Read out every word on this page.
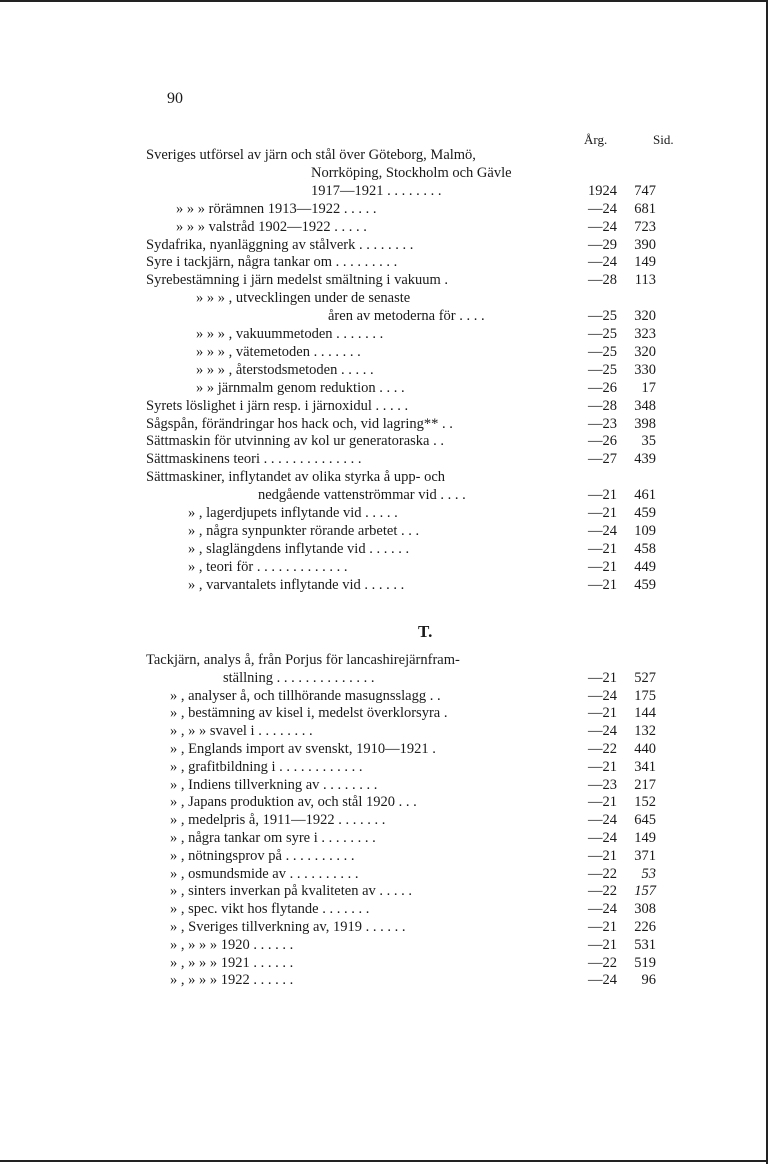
90
Årg.	Sid.
Sveriges utförsel av järn och stål över Göteborg, Malmö,
Norrköping, Stockholm och Gävle
1917—1921 . . . . . . . .	1924	747
» » » rörämnen 1913—1922 . . . . .	—24	681
» » » valstråd 1902—1922 . . . . .	—24	723
Sydafrika, nyanläggning av stålverk . . . . . . . .	—29	390
Syre i tackjärn, några tankar om . . . . . . . . .	—24	149
Syrebestämning i järn medelst smältning i vakuum .	—28	113
» » » , utvecklingen under de senaste
åren av metoderna för . . . .	—25	320
» » » , vakuummetoden . . . . . . .	—25	323
» » » , vätemetoden . . . . . . .	—25	320
» » » , återstodsmetoden . . . . .	—25	330
» » järnmalm genom reduktion . . . .	—26	17
Syrets löslighet i järn resp. i järnoxidul . . . . .	—28	348
Sågspån, förändringar hos hack och, vid lagring** . .	—23	398
Sättmaskin för utvinning av kol ur generatoraska . .	—26	35
Sättmaskinens teori . . . . . . . . . . . . . .	—27	439
Sättmaskiner, inflytandet av olika styrka å upp- och
nedgående vattenströmmar vid . . . .	—21	461
» , lagerdjupets inflytande vid . . . . .	—21	459
» , några synpunkter rörande arbetet . . .	—24	109
» , slaglängdens inflytande vid . . . . . .	—21	458
» , teori för . . . . . . . . . . . . .	—21	449
» , varvantalets inflytande vid . . . . . .	—21	459
T.
Tackjärn, analys å, från Porjus för lancashirejärnfram-
ställning . . . . . . . . . . . . . .	—21	527
» , analyser å, och tillhörande masugnsslagg . .	—24	175
» , bestämning av kisel i, medelst överklorsyra .	—21	144
» , » » svavel i . . . . . . . .	—24	132
» , Englands import av svenskt, 1910—1921 .	—22	440
» , grafitbildning i . . . . . . . . . . . .	—21	341
» , Indiens tillverkning av . . . . . . . .	—23	217
» , Japans produktion av, och stål 1920 . . .	—21	152
» , medelpris å, 1911—1922 . . . . . . .	—24	645
» , några tankar om syre i . . . . . . . .	—24	149
» , nötningsprov på . . . . . . . . . .	—21	371
» , osmundsmide av . . . . . . . . . .	—22	53
» , sinters inverkan på kvaliteten av . . . . .	—22	157
» , spec. vikt hos flytande . . . . . . .	—24	308
» , Sveriges tillverkning av, 1919 . . . . . .	—21	226
» , » » » 1920 . . . . . .	—21	531
» , » » » 1921 . . . . . .	—22	519
» , » » » 1922 . . . . . .	—24	96
